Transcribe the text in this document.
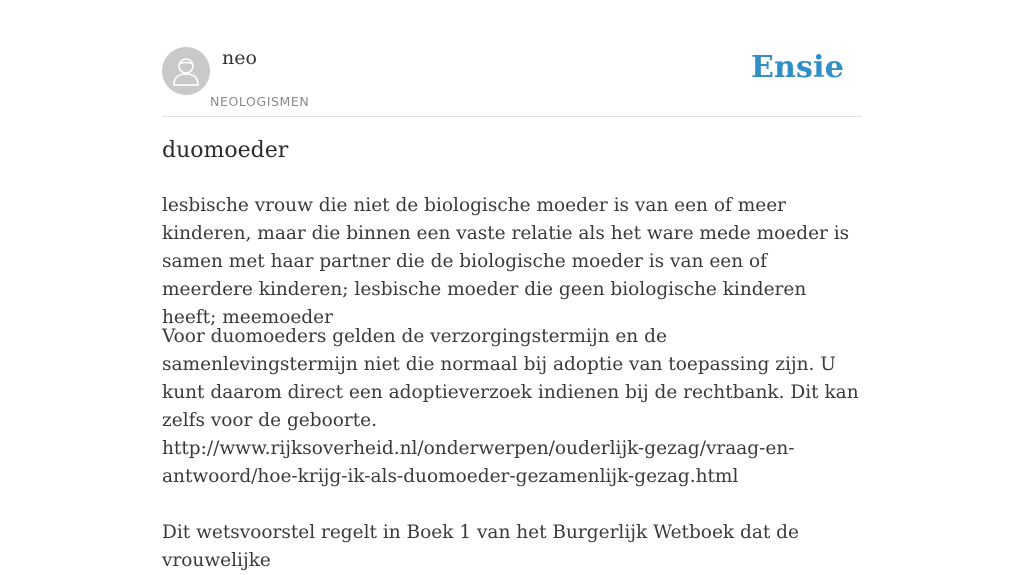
neo
NEOLOGISMEN
Ensie
duomoeder

lesbische vrouw die niet de biologische moeder is van een of meer kinderen, maar die binnen een vaste relatie als het ware mede moeder is samen met haar partner die de biologische moeder is van een of meerdere kinderen; lesbische moeder die geen biologische kinderen heeft; meemoeder

Voor duomoeders gelden de verzorgingstermijn en de samenlevingstermijn niet die normaal bij adoptie van toepassing zijn. U kunt daarom direct een adoptieverzoek indienen bij de rechtbank. Dit kan zelfs voor de geboorte.
http://www.rijksoverheid.nl/onderwerpen/ouderlijk-gezag/vraag-en-antwoord/hoe-krijg-ik-als-duomoeder-gezamenlijk-gezag.html

Dit wetsvoorstel regelt in Boek 1 van het Burgerlijk Wetboek dat de vrouwelijke
